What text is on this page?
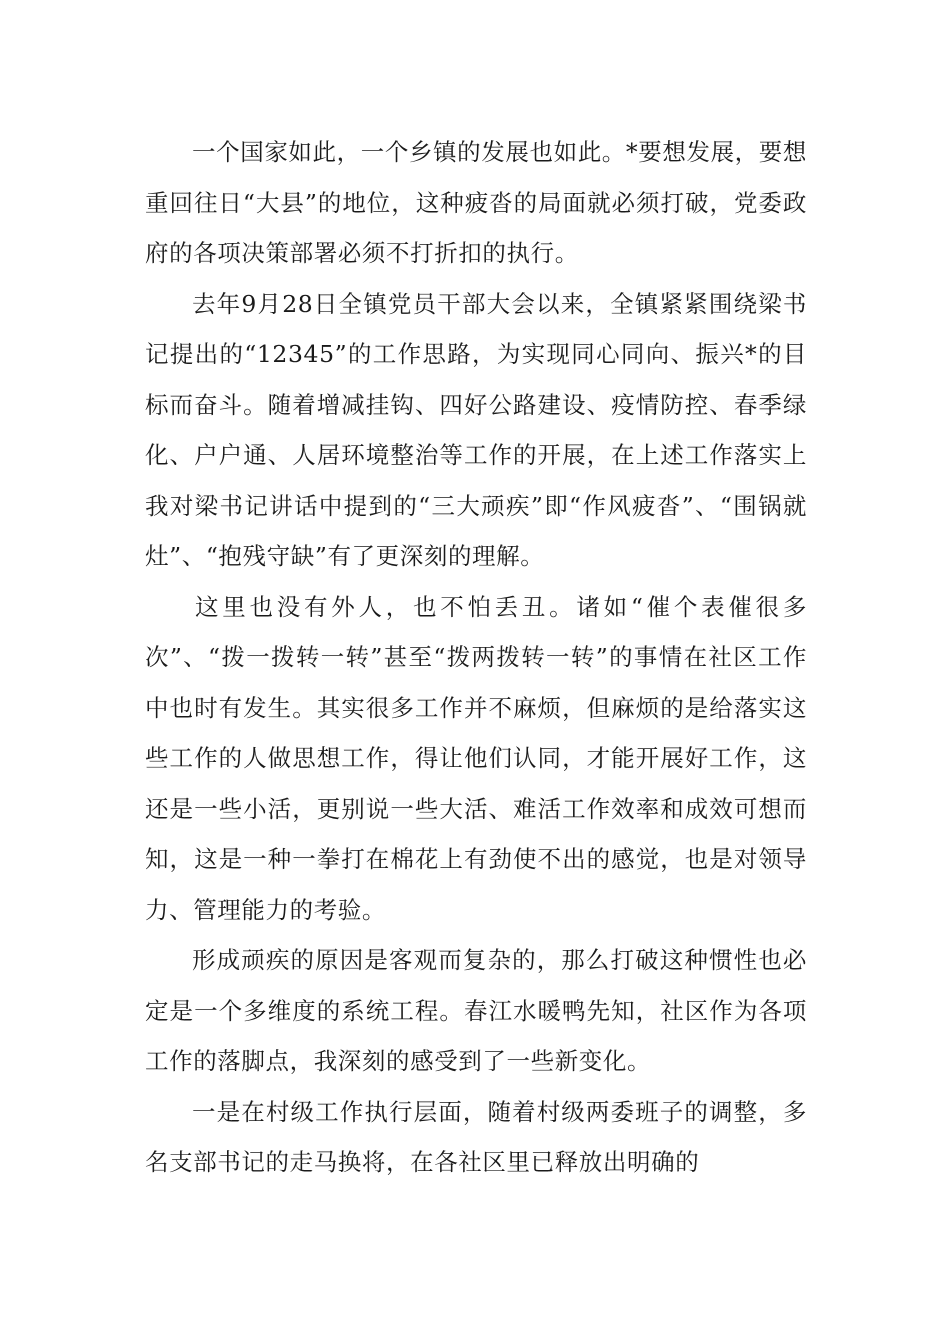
一个国家如此，一个乡镇的发展也如此。*要想发展，要想重回往日“大县”的地位，这种疲沓的局面就必须打破，党委政府的各项决策部署必须不打折扣的执行。

去年9月28日全镇党员干部大会以来，全镇紧紧围绕梁书记提出的“12345”的工作思路，为实现同心同向、振兴*的目标而奋斗。随着增减挂钩、四好公路建设、疫情防控、春季绿化、户户通、人居环境整治等工作的开展，在上述工作落实上我对梁书记讲话中提到的“三大顽疾”即“作风疲沓”、“围锅就灶”、“抱残守缺”有了更深刻的理解。

这里也没有外人，也不怕丢丑。诸如“催个表催很多次”、“拨一拨转一转”甚至“拨两拨转一转”的事情在社区工作中也时有发生。其实很多工作并不麻烦，但麻烦的是给落实这些工作的人做思想工作，得让他们认同，才能开展好工作，这还是一些小活，更别说一些大活、难活工作效率和成效可想而知，这是一种一拳打在棉花上有劲使不出的感觉，也是对领导力、管理能力的考验。

形成顽疾的原因是客观而复杂的，那么打破这种惯性也必定是一个多维度的系统工程。春江水暖鸭先知，社区作为各项工作的落脚点，我深刻的感受到了一些新变化。

一是在村级工作执行层面，随着村级两委班子的调整，多名支部书记的走马换将，在各社区里已释放出明确的
